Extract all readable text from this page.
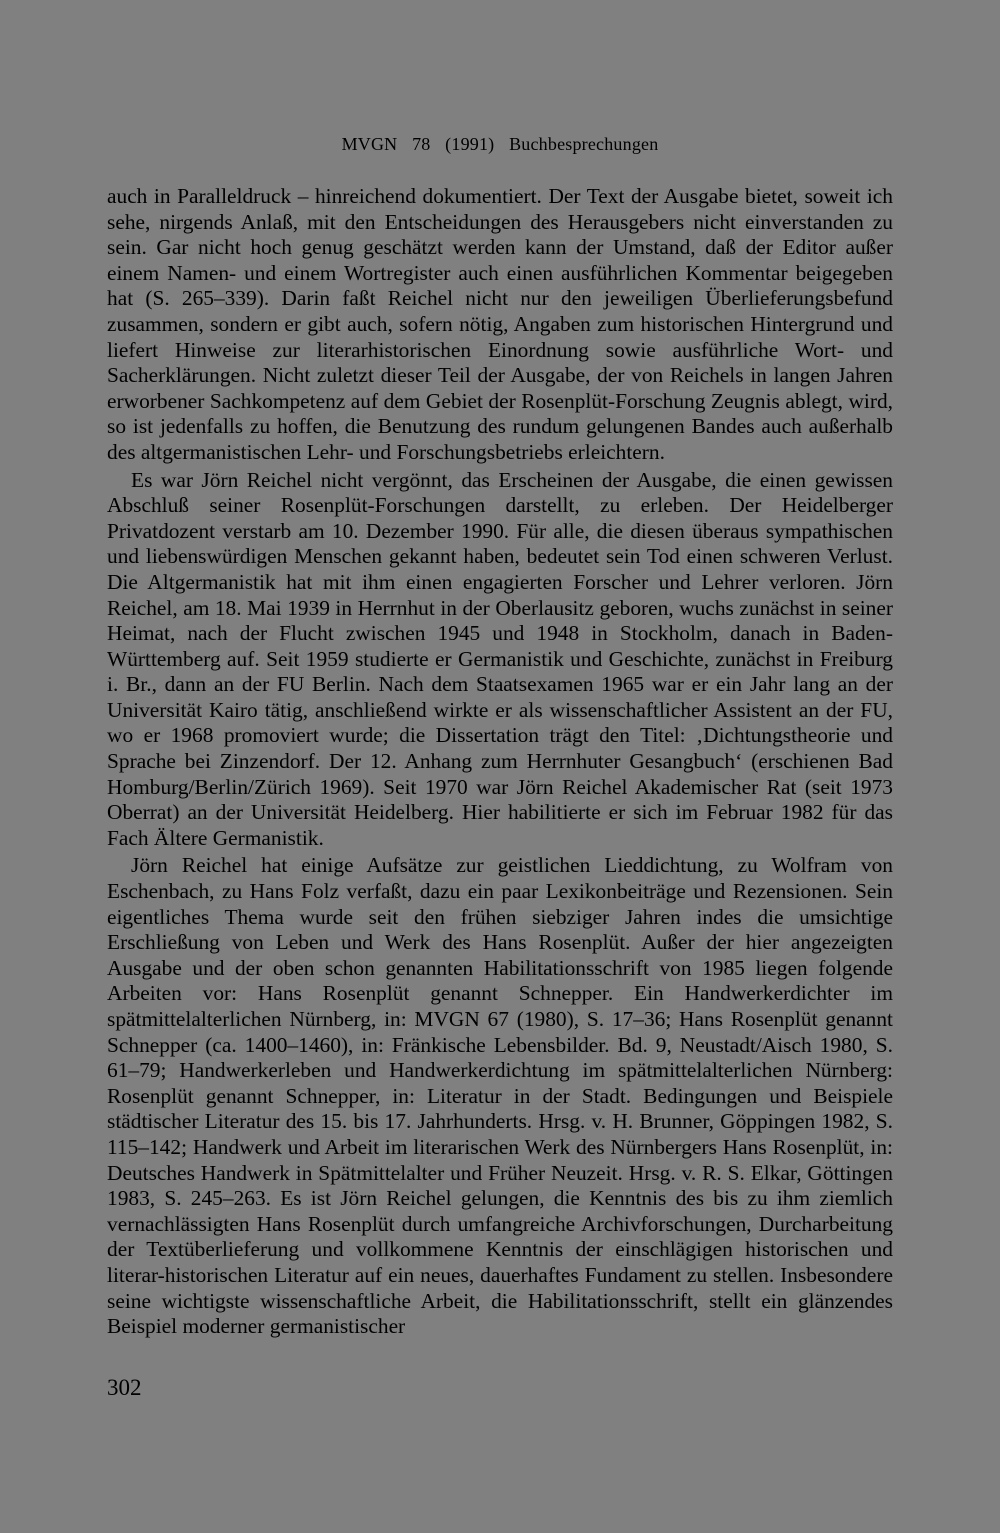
MVGN 78 (1991) Buchbesprechungen

auch in Paralleldruck – hinreichend dokumentiert. Der Text der Ausgabe bietet, soweit ich sehe, nirgends Anlaß, mit den Entscheidungen des Herausgebers nicht einverstanden zu sein. Gar nicht hoch genug geschätzt werden kann der Umstand, daß der Editor außer einem Namen- und einem Wortregister auch einen ausführlichen Kommentar beigegeben hat (S. 265–339). Darin faßt Reichel nicht nur den jeweiligen Überlieferungsbefund zusammen, sondern er gibt auch, sofern nötig, Angaben zum historischen Hintergrund und liefert Hinweise zur literarhistorischen Einordnung sowie ausführliche Wort- und Sacherklärungen. Nicht zuletzt dieser Teil der Ausgabe, der von Reichels in langen Jahren erworbener Sachkompetenz auf dem Gebiet der Rosenplüt-Forschung Zeugnis ablegt, wird, so ist jedenfalls zu hoffen, die Benutzung des rundum gelungenen Bandes auch außerhalb des altgermanistischen Lehr- und Forschungsbetriebs erleichtern.

Es war Jörn Reichel nicht vergönnt, das Erscheinen der Ausgabe, die einen gewissen Abschluß seiner Rosenplüt-Forschungen darstellt, zu erleben. Der Heidelberger Privatdozent verstarb am 10. Dezember 1990. Für alle, die diesen überaus sympathischen und liebenswürdigen Menschen gekannt haben, bedeutet sein Tod einen schweren Verlust. Die Altgermanistik hat mit ihm einen engagierten Forscher und Lehrer verloren. Jörn Reichel, am 18. Mai 1939 in Herrnhut in der Oberlausitz geboren, wuchs zunächst in seiner Heimat, nach der Flucht zwischen 1945 und 1948 in Stockholm, danach in Baden-Württemberg auf. Seit 1959 studierte er Germanistik und Geschichte, zunächst in Freiburg i. Br., dann an der FU Berlin. Nach dem Staatsexamen 1965 war er ein Jahr lang an der Universität Kairo tätig, anschließend wirkte er als wissenschaftlicher Assistent an der FU, wo er 1968 promoviert wurde; die Dissertation trägt den Titel: ‚Dichtungstheorie und Sprache bei Zinzendorf. Der 12. Anhang zum Herrnhuter Gesangbuch‘ (erschienen Bad Homburg/Berlin/Zürich 1969). Seit 1970 war Jörn Reichel Akademischer Rat (seit 1973 Oberrat) an der Universität Heidelberg. Hier habilitierte er sich im Februar 1982 für das Fach Ältere Germanistik.

Jörn Reichel hat einige Aufsätze zur geistlichen Lieddichtung, zu Wolfram von Eschenbach, zu Hans Folz verfaßt, dazu ein paar Lexikonbeiträge und Rezensionen. Sein eigentliches Thema wurde seit den frühen siebziger Jahren indes die umsichtige Erschließung von Leben und Werk des Hans Rosenplüt. Außer der hier angezeigten Ausgabe und der oben schon genannten Habilitationsschrift von 1985 liegen folgende Arbeiten vor: Hans Rosenplüt genannt Schnepper. Ein Handwerkerdichter im spätmittelalterlichen Nürnberg, in: MVGN 67 (1980), S. 17–36; Hans Rosenplüt genannt Schnepper (ca. 1400–1460), in: Fränkische Lebensbilder. Bd. 9, Neustadt/Aisch 1980, S. 61–79; Handwerkerleben und Handwerkerdichtung im spätmittelalterlichen Nürnberg: Rosenplüt genannt Schnepper, in: Literatur in der Stadt. Bedingungen und Beispiele städtischer Literatur des 15. bis 17. Jahrhunderts. Hrsg. v. H. Brunner, Göppingen 1982, S. 115–142; Handwerk und Arbeit im literarischen Werk des Nürnbergers Hans Rosenplüt, in: Deutsches Handwerk in Spätmittelalter und Früher Neuzeit. Hrsg. v. R. S. Elkar, Göttingen 1983, S. 245–263. Es ist Jörn Reichel gelungen, die Kenntnis des bis zu ihm ziemlich vernachlässigten Hans Rosenplüt durch umfangreiche Archivforschungen, Durcharbeitung der Textüberlieferung und vollkommene Kenntnis der einschlägigen historischen und literar-historischen Literatur auf ein neues, dauerhaftes Fundament zu stellen. Insbesondere seine wichtigste wissenschaftliche Arbeit, die Habilitationsschrift, stellt ein glänzendes Beispiel moderner germanistischer

302
